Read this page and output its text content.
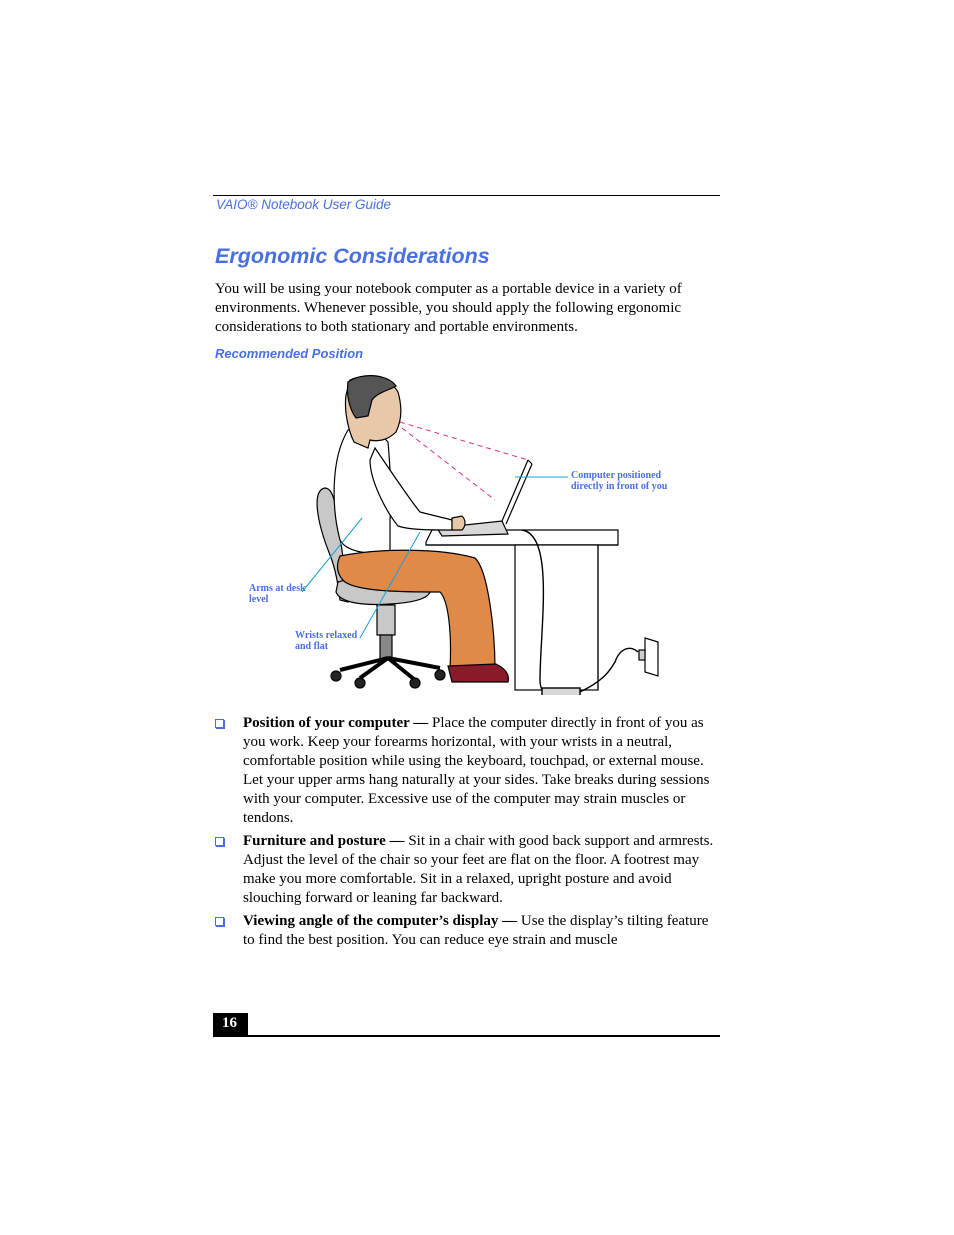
VAIO® Notebook User Guide
Ergonomic Considerations

You will be using your notebook computer as a portable device in a variety of environments. Whenever possible, you should apply the following ergonomic considerations to both stationary and portable environments.

Recommended Position
Computer positioned
directly in front of you
Arms at desk
level
Wrists relaxed
and flat
Position of your computer — Place the computer directly in front of you as you work. Keep your forearms horizontal, with your wrists in a neutral, comfortable position while using the keyboard, touchpad, or external mouse. Let your upper arms hang naturally at your sides. Take breaks during sessions with your computer. Excessive use of the computer may strain muscles or tendons.
Furniture and posture — Sit in a chair with good back support and armrests. Adjust the level of the chair so your feet are flat on the floor. A footrest may make you more comfortable. Sit in a relaxed, upright posture and avoid slouching forward or leaning far backward.
Viewing angle of the computer’s display — Use the display’s tilting feature to find the best position. You can reduce eye strain and muscle
16
